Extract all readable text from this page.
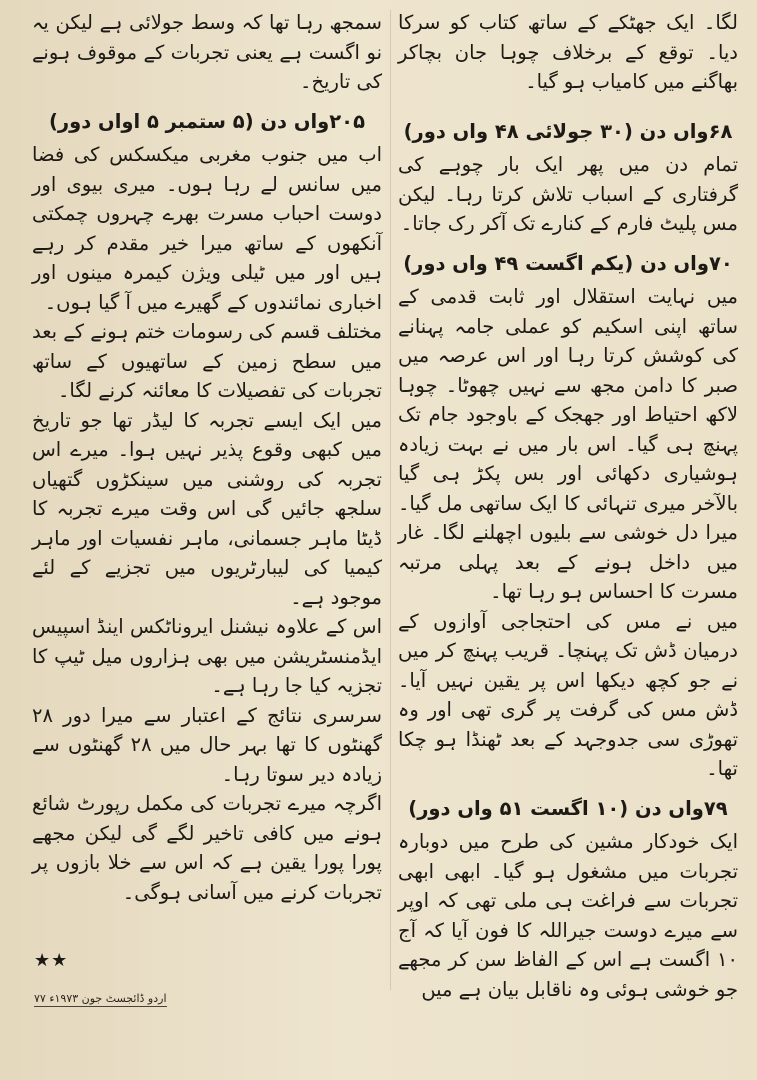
لگا۔ ایک جھٹکے کے ساتھ کتاب کو سرکا دیا۔ توقع کے برخلاف چوہا جان بچاکر بھاگنے میں کامیاب ہو گیا۔

۶۸واں دن (۳۰ جولائی ۴۸ واں دور)

تمام دن میں پھر ایک بار چوہے کی گرفتاری کے اسباب تلاش کرتا رہا۔ لیکن مس پلیٹ فارم کے کنارے تک آکر رک جاتا۔

۷۰واں دن (یکم اگست ۴۹ واں دور)

میں نہایت استقلال اور ثابت قدمی کے ساتھ اپنی اسکیم کو عملی جامہ پہنانے کی کوشش کرتا رہا اور اس عرصہ میں صبر کا دامن مجھ سے نہیں چھوٹا۔ چوہا لاکھ احتیاط اور جھجک کے باوجود جام تک پہنچ ہی گیا۔ اس بار میں نے بہت زیادہ ہوشیاری دکھائی اور بس پکڑ ہی گیا بالآخر میری تنہائی کا ایک ساتھی مل گیا۔ میرا دل خوشی سے بلیوں اچھلنے لگا۔ غار میں داخل ہونے کے بعد پہلی مرتبہ مسرت کا احساس ہو رہا تھا۔

میں نے مس کی احتجاجی آوازوں کے درمیان ڈش تک پہنچا۔ قریب پہنچ کر میں نے جو کچھ دیکھا اس پر یقین نہیں آیا۔ ڈش مس کی گرفت پر گری تھی اور وہ تھوڑی سی جدوجہد کے بعد ٹھنڈا ہو چکا تھا۔

۷۹واں دن (۱۰ اگست ۵۱ واں دور)

ایک خودکار مشین کی طرح میں دوبارہ تجربات میں مشغول ہو گیا۔ ابھی ابھی تجربات سے فراغت ہی ملی تھی کہ اوپر سے میرے دوست جیراللہ کا فون آیا کہ آج ۱۰ اگست ہے اس کے الفاظ سن کر مجھے جو خوشی ہوئی وہ ناقابل بیان ہے میں

سمجھ رہا تھا کہ وسط جولائی ہے لیکن یہ نو اگست ہے یعنی تجربات کے موقوف ہونے کی تاریخ۔

۲۰۵واں دن (۵ ستمبر ۵ اواں دور)

اب میں جنوب مغربی میکسکس کی فضا میں سانس لے رہا ہوں۔ میری بیوی اور دوست احباب مسرت بھرے چہروں چمکتی آنکھوں کے ساتھ میرا خیر مقدم کر رہے ہیں اور میں ٹیلی ویژن کیمرہ مینوں اور اخباری نمائندوں کے گھیرے میں آ گیا ہوں۔

مختلف قسم کی رسومات ختم ہونے کے بعد میں سطح زمین کے ساتھیوں کے ساتھ تجربات کی تفصیلات کا معائنہ کرنے لگا۔

میں ایک ایسے تجربہ کا لیڈر تھا جو تاریخ میں کبھی وقوع پذیر نہیں ہوا۔ میرے اس تجربہ کی روشنی میں سینکڑوں گتھیاں سلجھ جائیں گی اس وقت میرے تجربہ کا ڈیٹا ماہر جسمانی، ماہر نفسیات اور ماہر کیمیا کی لیبارٹریوں میں تجزیے کے لئے موجود ہے۔

اس کے علاوہ نیشنل ایروناٹکس اینڈ اسپیس ایڈمنسٹریشن میں بھی ہزاروں میل ٹیپ کا تجزیہ کیا جا رہا ہے۔

سرسری نتائج کے اعتبار سے میرا دور ۲۸ گھنٹوں کا تھا بہر حال میں ۲۸ گھنٹوں سے زیادہ دیر سوتا رہا۔

اگرچہ میرے تجربات کی مکمل رپورٹ شائع ہونے میں کافی تاخیر لگے گی لیکن مجھے پورا پورا یقین ہے کہ اس سے خلا بازوں پر تجربات کرنے میں آسانی ہوگی۔

★★
اردو ڈائجسٹ جون ۱۹۷۳ء ۷۷
